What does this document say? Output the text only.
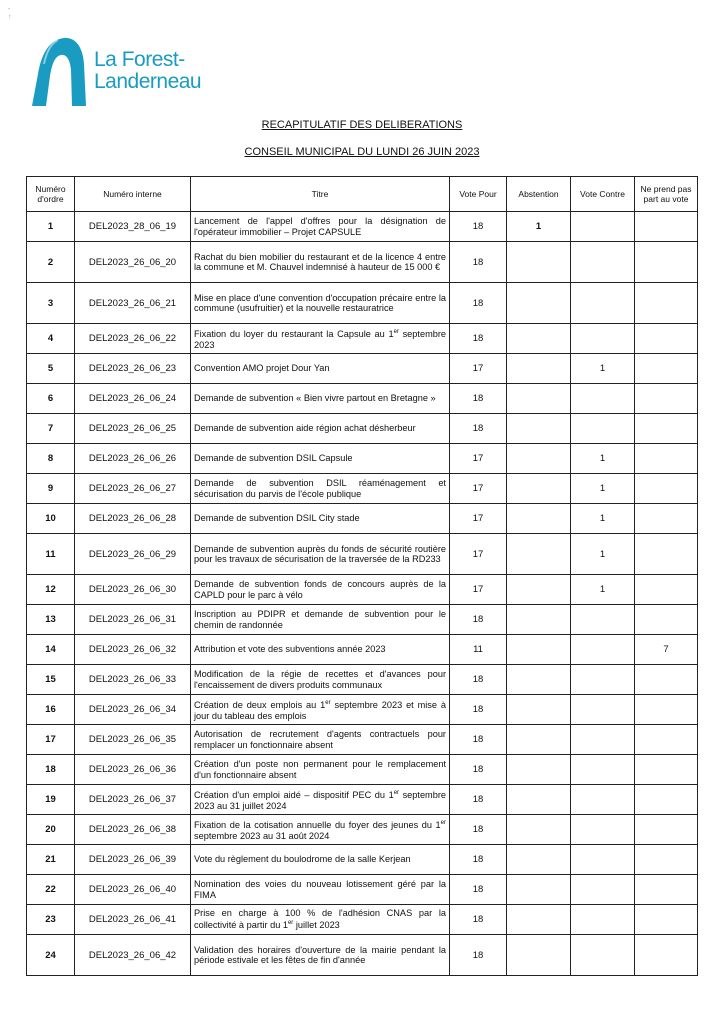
-
↑
La Forest-
Landerneau
RECAPITULATIF DES DELIBERATIONS
CONSEIL MUNICIPAL DU LUNDI 26 JUIN 2023
Numéro d'ordre	Numéro interne	Titre	Vote Pour	Abstention	Vote Contre	Ne prend pas part au vote
1	DEL2023_28_06_19	Lancement de l'appel d'offres pour la désignation de l'opérateur immobilier – Projet CAPSULE	18	1		
2	DEL2023_26_06_20	Rachat du bien mobilier du restaurant et de la licence 4 entre la commune et M. Chauvel indemnisé à hauteur de 15 000 €	18			
3	DEL2023_26_06_21	Mise en place d'une convention d'occupation précaire entre la commune (usufruitier) et la nouvelle restauratrice	18			
4	DEL2023_26_06_22	Fixation du loyer du restaurant la Capsule au 1er septembre 2023	18			
5	DEL2023_26_06_23	Convention AMO projet Dour Yan	17		1	
6	DEL2023_26_06_24	Demande de subvention « Bien vivre partout en Bretagne »	18			
7	DEL2023_26_06_25	Demande de subvention aide région achat désherbeur	18			
8	DEL2023_26_06_26	Demande de subvention DSIL Capsule	17		1	
9	DEL2023_26_06_27	Demande de subvention DSIL réaménagement et sécurisation du parvis de l'école publique	17		1	
10	DEL2023_26_06_28	Demande de subvention DSIL City stade	17		1	
11	DEL2023_26_06_29	Demande de subvention auprès du fonds de sécurité routière pour les travaux de sécurisation de la traversée de la RD233	17		1	
12	DEL2023_26_06_30	Demande de subvention fonds de concours auprès de la CAPLD pour le parc à vélo	17		1	
13	DEL2023_26_06_31	Inscription au PDIPR et demande de subvention pour le chemin de randonnée	18			
14	DEL2023_26_06_32	Attribution et vote des subventions année 2023	11			7
15	DEL2023_26_06_33	Modification de la régie de recettes et d'avances pour l'encaissement de divers produits communaux	18			
16	DEL2023_26_06_34	Création de deux emplois au 1er septembre 2023 et mise à jour du tableau des emplois	18			
17	DEL2023_26_06_35	Autorisation de recrutement d'agents contractuels pour remplacer un fonctionnaire absent	18			
18	DEL2023_26_06_36	Création d'un poste non permanent pour le remplacement d'un fonctionnaire absent	18			
19	DEL2023_26_06_37	Création d'un emploi aidé – dispositif PEC du 1er septembre 2023 au 31 juillet 2024	18			
20	DEL2023_26_06_38	Fixation de la cotisation annuelle du foyer des jeunes du 1er septembre 2023 au 31 août 2024	18			
21	DEL2023_26_06_39	Vote du règlement du boulodrome de la salle Kerjean	18			
22	DEL2023_26_06_40	Nomination des voies du nouveau lotissement géré par la FIMA	18			
23	DEL2023_26_06_41	Prise en charge à 100 % de l'adhésion CNAS par la collectivité à partir du 1er juillet 2023	18			
24	DEL2023_26_06_42	Validation des horaires d'ouverture de la mairie pendant la période estivale et les fêtes de fin d'année	18			
